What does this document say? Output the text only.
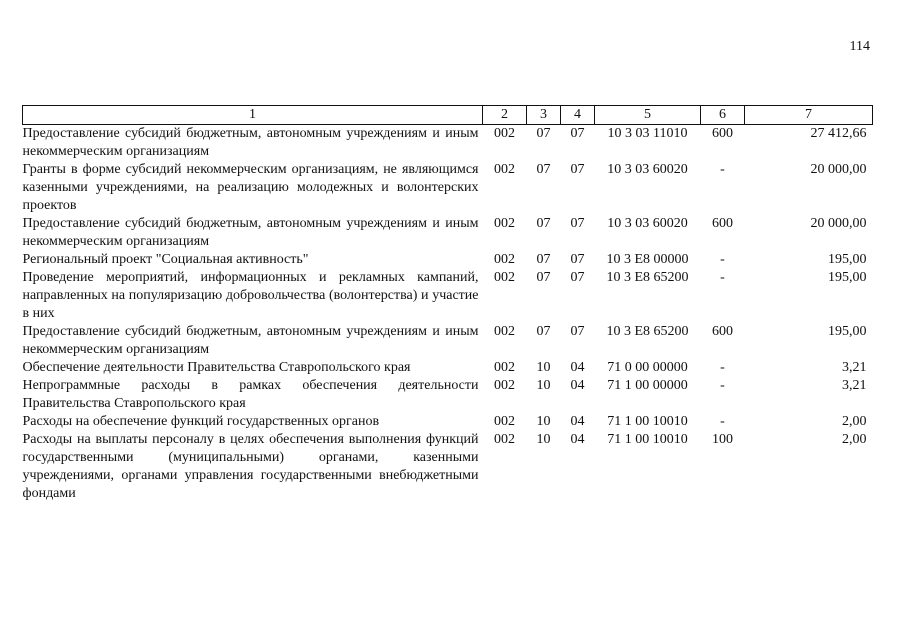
114
1	2	3	4	5	6	7
Предоставление субсидий бюджетным, автономным учреждениям и иным некоммерческим организациям	002	07	07	10 3 03 11010	600	27 412,66
Гранты в форме субсидий некоммерческим организациям, не являющимся казенными учреждениями, на реализацию молодежных и волонтерских проектов	002	07	07	10 3 03 60020	-	20 000,00
Предоставление субсидий бюджетным, автономным учреждениям и иным некоммерческим организациям	002	07	07	10 3 03 60020	600	20 000,00
Региональный проект "Социальная активность"	002	07	07	10 3 E8 00000	-	195,00
Проведение мероприятий, информационных и рекламных кампаний, направленных на популяризацию добровольчества (волонтерства) и участие в них	002	07	07	10 3 E8 65200	-	195,00
Предоставление субсидий бюджетным, автономным учреждениям и иным некоммерческим организациям	002	07	07	10 3 E8 65200	600	195,00
Обеспечение деятельности Правительства Ставропольского края	002	10	04	71 0 00 00000	-	3,21
Непрограммные расходы в рамках обеспечения деятельности Правительства Ставропольского края	002	10	04	71 1 00 00000	-	3,21
Расходы на обеспечение функций государственных органов	002	10	04	71 1 00 10010	-	2,00
Расходы на выплаты персоналу в целях обеспечения выполнения функций государственными (муниципальными) органами, казенными учреждениями, органами управления государственными внебюджетными фондами	002	10	04	71 1 00 10010	100	2,00
